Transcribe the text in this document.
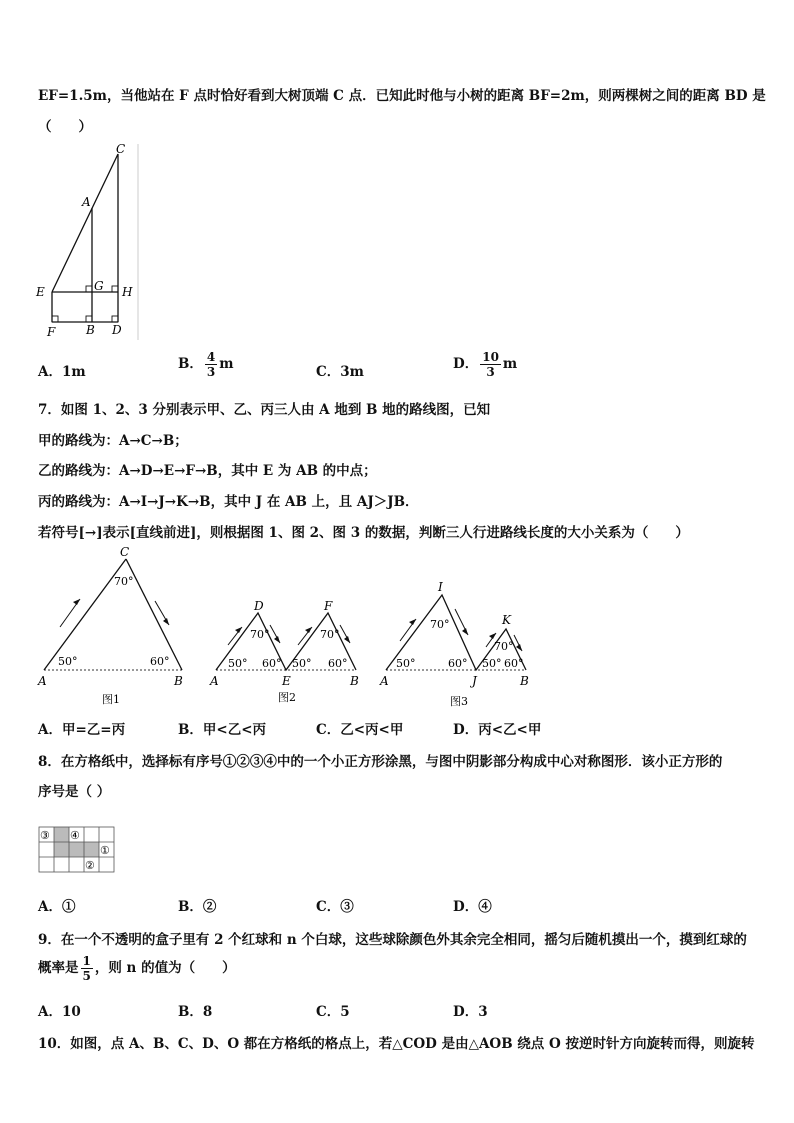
EF=1.5m，当他站在 F 点时恰好看到大树顶端 C 点．已知此时他与小树的距离 BF=2m，则两棵树之间的距离 BD 是
（　　）
C
A
E	G H
F	B D
A．1m	B． $\frac{4}{3}$ m	C．3m	D． $\frac{10}{3}$ m
7．如图 1、2、3 分别表示甲、乙、丙三人由 A 地到 B 地的路线图，已知
甲的路线为：A→C→B；
乙的路线为：A→D→E→F→B，其中 E 为 AB 的中点；
丙的路线为：A→I→J→K→B，其中 J 在 AB 上，且 AJ＞JB．
若符号[→]表示[直线前进]，则根据图 1、图 2、图 3 的数据，判断三人行进路线长度的大小关系为（　　）
C
70°
50°	60°
A	B
图1
D	F
70°	70°
50° 60° 50° 60°
A	E	B
图2
I
K
70°
70°
50°	60° 50° 60°
A	J	B
图3
A．甲=乙=丙	B．甲<乙<丙	C．乙<丙<甲	D．丙<乙<甲
8．在方格纸中，选择标有序号①②③④中的一个小正方形涂黑，与图中阴影部分构成中心对称图形．该小正方形的
序号是（ ）
③ ④
①
②
A．①	B．②	C．③	D．④
9．在一个不透明的盒子里有 2 个红球和 n 个白球，这些球除颜色外其余完全相同，摇匀后随机摸出一个，摸到红球的
概率是 $\frac{1}{5}$ ，则 n 的值为（　　）
A．10	B．8	C．5	D．3
10．如图，点 A、B、C、D、O 都在方格纸的格点上，若△COD 是由△AOB 绕点 O 按逆时针方向旋转而得，则旋转
